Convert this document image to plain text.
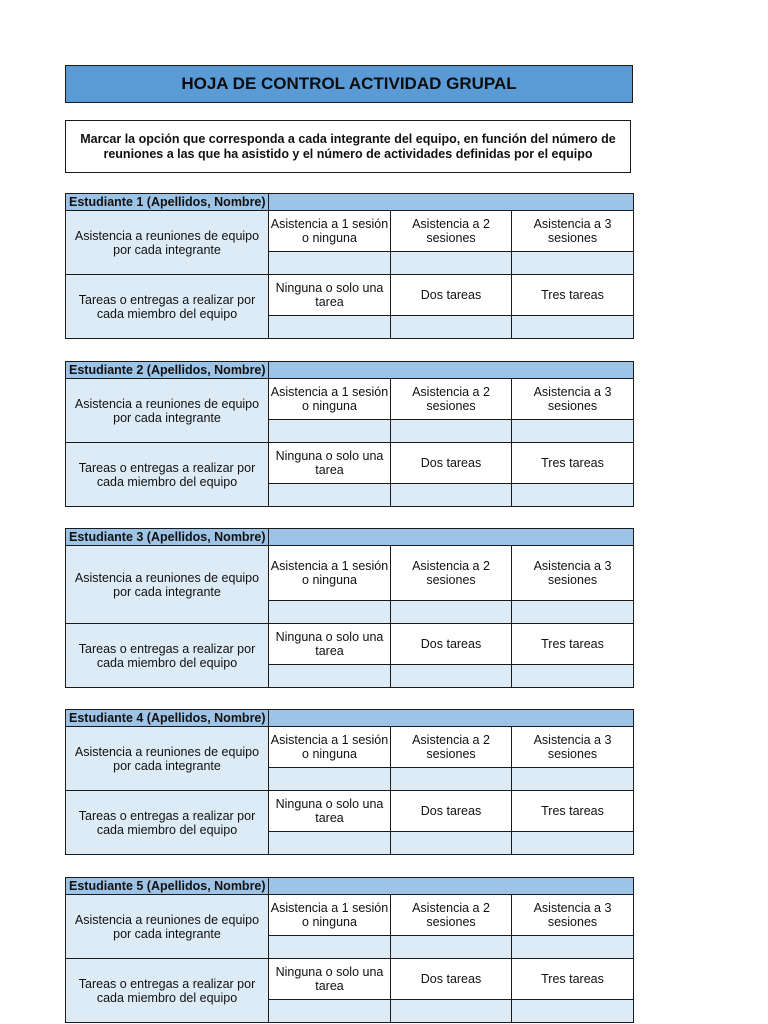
HOJA DE CONTROL ACTIVIDAD GRUPAL
Marcar la opción que corresponda a cada integrante del equipo, en función del número de reuniones a las que ha asistido y el número de actividades definidas por el equipo
Estudiante 1 (Apellidos, Nombre)			
Asistencia a reuniones de equipo por cada integrante	Asistencia a 1 sesión o ninguna	Asistencia a 2 sesiones	Asistencia a 3 sesiones

Tareas o entregas a realizar por cada miembro del equipo	Ninguna o solo una tarea	Dos tareas	Tres tareas

Estudiante 2 (Apellidos, Nombre)			
Asistencia a reuniones de equipo por cada integrante	Asistencia a 1 sesión o ninguna	Asistencia a 2 sesiones	Asistencia a 3 sesiones

Tareas o entregas a realizar por cada miembro del equipo	Ninguna o solo una tarea	Dos tareas	Tres tareas

Estudiante 3 (Apellidos, Nombre)			
Asistencia a reuniones de equipo por cada integrante	Asistencia a 1 sesión o ninguna	Asistencia a 2 sesiones	Asistencia a 3 sesiones

Tareas o entregas a realizar por cada miembro del equipo	Ninguna o solo una tarea	Dos tareas	Tres tareas

Estudiante 4 (Apellidos, Nombre)			
Asistencia a reuniones de equipo por cada integrante	Asistencia a 1 sesión o ninguna	Asistencia a 2 sesiones	Asistencia a 3 sesiones

Tareas o entregas a realizar por cada miembro del equipo	Ninguna o solo una tarea	Dos tareas	Tres tareas

Estudiante 5 (Apellidos, Nombre)			
Asistencia a reuniones de equipo por cada integrante	Asistencia a 1 sesión o ninguna	Asistencia a 2 sesiones	Asistencia a 3 sesiones

Tareas o entregas a realizar por cada miembro del equipo	Ninguna o solo una tarea	Dos tareas	Tres tareas
